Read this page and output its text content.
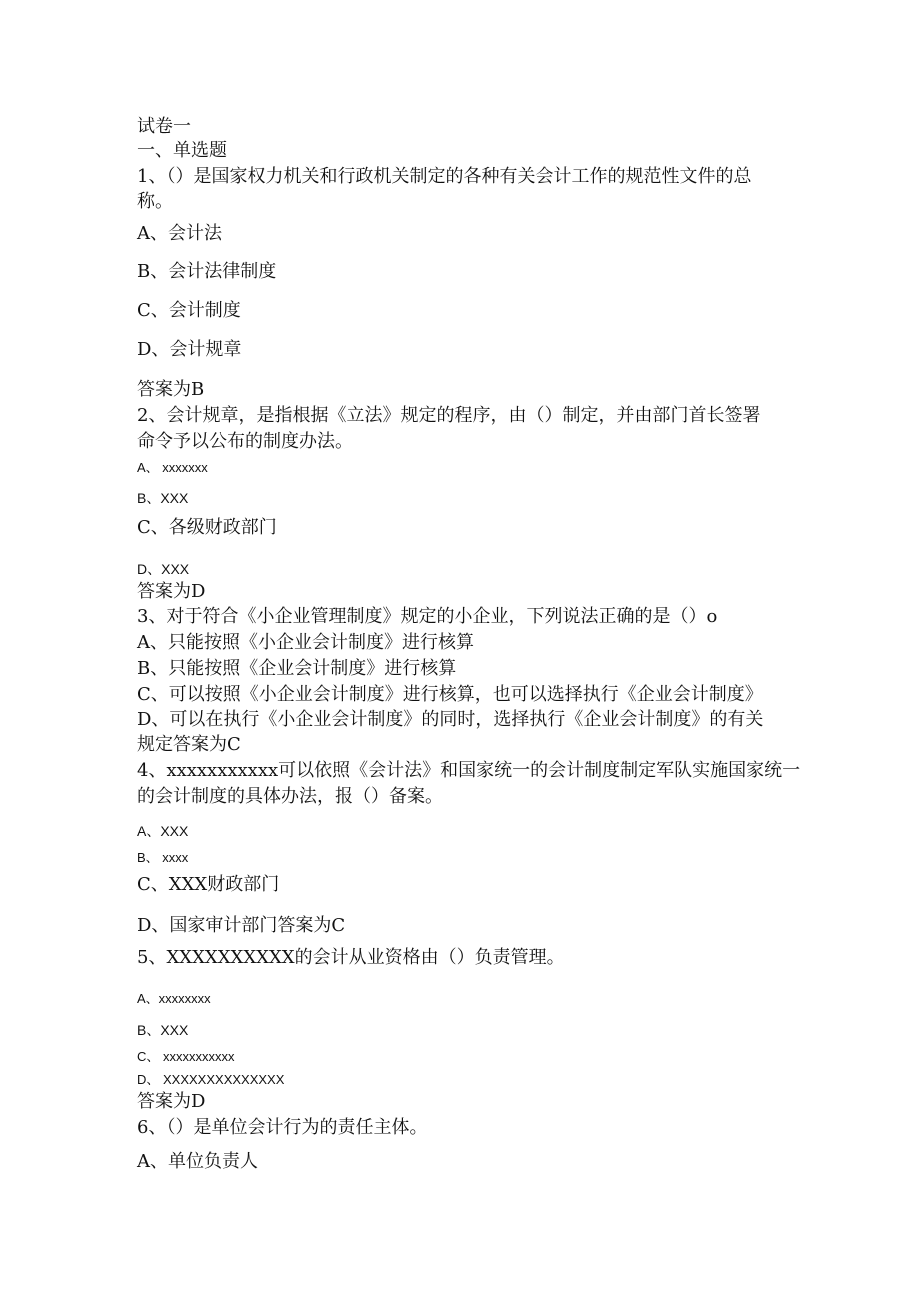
试卷一
一、单选题
1、（）是国家权力机关和行政机关制定的各种有关会计工作的规范性文件的总
称。
A、会计法
B、会计法律制度
C、会计制度
D、会计规章
答案为B
2、会计规章，是指根据《立法》规定的程序，由（）制定，并由部门首长签署
命令予以公布的制度办法。
A、 xxxxxxx
B、XXX
C、各级财政部门
D、XXX
答案为D
3、对于符合《小企业管理制度》规定的小企业，下列说法正确的是（）o
A、只能按照《小企业会计制度》进行核算
B、只能按照《企业会计制度》进行核算
C、可以按照《小企业会计制度》进行核算，也可以选择执行《企业会计制度》
D、可以在执行《小企业会计制度》的同时，选择执行《企业会计制度》的有关
规定答案为C
4、xxxxxxxxxxx可以依照《会计法》和国家统一的会计制度制定军队实施国家统一
的会计制度的具体办法，报（）备案。
A、XXX
B、 xxxx
C、XXX财政部门
D、国家审计部门答案为C
5、XXXXXXXXXX的会计从业资格由（）负责管理。
A、xxxxxxxx
B、XXX
C、 xxxxxxxxxxx
D、 XXXXXXXXXXXXXX
答案为D
6、（）是单位会计行为的责任主体。
A、单位负责人
